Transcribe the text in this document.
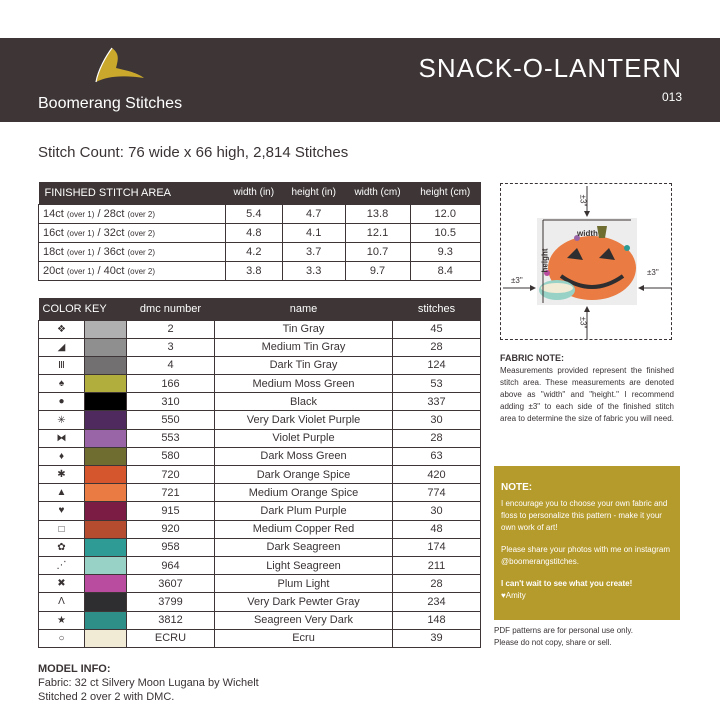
Boomerang Stitches
SNACK-O-LANTERN
013
Stitch Count: 76 wide x 66 high, 2,814 Stitches
FINISHED STITCH AREA	width (in)	height (in)	width (cm)	height (cm)
14ct (over 1) / 28ct (over 2)	5.4	4.7	13.8	12.0
16ct (over 1) / 32ct (over 2)	4.8	4.1	12.1	10.5
18ct (over 1) / 36ct (over 2)	4.2	3.7	10.7	9.3
20ct (over 1) / 40ct (over 2)	3.8	3.3	9.7	8.4
COLOR KEY		dmc number	name	stitches
❖		2	Tin Gray	45
◢		3	Medium Tin Gray	28
Ⅲ		4	Dark Tin Gray	124
♠		166	Medium Moss Green	53
●		310	Black	337
✳		550	Very Dark Violet Purple	30
⧓		553	Violet Purple	28
♦		580	Dark Moss Green	63
✱		720	Dark Orange Spice	420
▲		721	Medium Orange Spice	774
♥		915	Dark Plum Purple	30
□		920	Medium Copper Red	48
✿		958	Dark Seagreen	174
⋰		964	Light Seagreen	211
✖		3607	Plum Light	28
Λ		3799	Very Dark Pewter Gray	234
★		3812	Seagreen Very Dark	148
○		ECRU	Ecru	39
±3"
±3"
±3"
±3"
width
height
FABRIC NOTE:
Measurements provided represent the finished stitch area. These measurements are denoted above as "width" and "height." I recommend adding ±3" to each side of the finished stitch area to determine the size of fabric you will need.
NOTE:

I encourage you to choose your own fabric and floss to personalize this pattern - make it your own work of art!

Please share your photos with me on instagram @boomerangstitches.

I can't wait to see what you create!

♥Amity
PDF patterns are for personal use only.
Please do not copy, share or sell.
MODEL INFO:
Fabric: 32 ct Silvery Moon Lugana by Wichelt
Stitched 2 over 2 with DMC.
